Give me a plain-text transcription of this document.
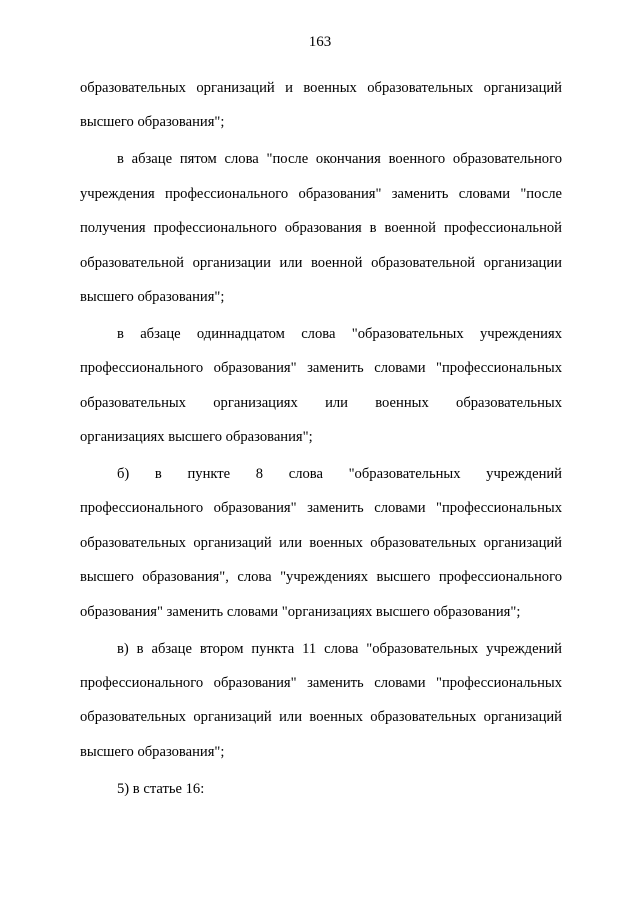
163

образовательных организаций и военных образовательных организаций
высшего образования";

в абзаце пятом слова "после окончания военного образовательного
учреждения профессионального образования" заменить словами "после
получения профессионального образования в военной профессиональной
образовательной организации или военной образовательной организации
высшего образования";

в абзаце одиннадцатом слова "образовательных учреждениях
профессионального образования" заменить словами "профессиональных
образовательных организациях или военных образовательных
организациях высшего образования";

б) в пункте 8 слова "образовательных учреждений
профессионального образования" заменить словами "профессиональных
образовательных организаций или военных образовательных организаций
высшего образования", слова "учреждениях высшего профессионального
образования" заменить словами "организациях высшего образования";

в) в абзаце втором пункта 11 слова "образовательных учреждений
профессионального образования" заменить словами "профессиональных
образовательных организаций или военных образовательных организаций
высшего образования";

5) в статье 16:
